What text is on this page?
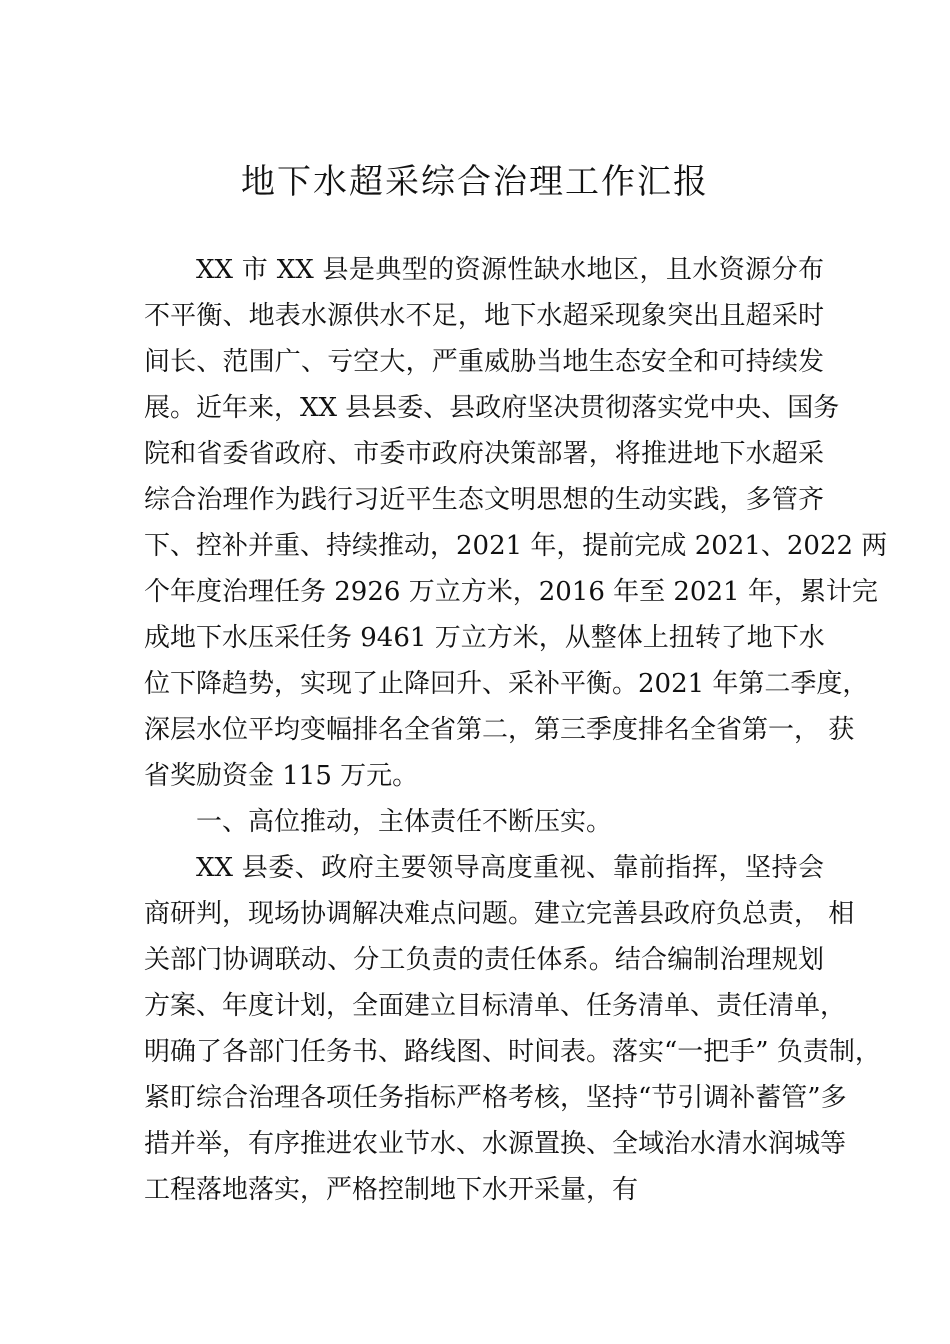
地下水超采综合治理工作汇报
XX 市 XX 县是典型的资源性缺水地区，且水资源分布
不平衡、地表水源供水不足，地下水超采现象突出且超采时
间长、范围广、亏空大，严重威胁当地生态安全和可持续发
展。近年来，XX 县县委、县政府坚决贯彻落实党中央、国务
院和省委省政府、市委市政府决策部署，将推进地下水超采
综合治理作为践行习近平生态文明思想的生动实践，多管齐
下、控补并重、持续推动，2021 年，提前完成 2021、2022 两
个年度治理任务 2926 万立方米，2016 年至 2021 年，累计完
成地下水压采任务 9461 万立方米，从整体上扭转了地下水
位下降趋势，实现了止降回升、采补平衡。2021 年第二季度，
深层水位平均变幅排名全省第二，第三季度排名全省第一， 获
省奖励资金 115 万元。
一、高位推动，主体责任不断压实。
XX 县委、政府主要领导高度重视、靠前指挥，坚持会
商研判，现场协调解决难点问题。建立完善县政府负总责， 相
关部门协调联动、分工负责的责任体系。结合编制治理规划
方案、年度计划，全面建立目标清单、任务清单、责任清单，
明确了各部门任务书、路线图、时间表。落实“一把手” 负责制，
紧盯综合治理各项任务指标严格考核，坚持“节引调补蓄管”多
措并举，有序推进农业节水、水源置换、全域治水清水润城等
工程落地落实，严格控制地下水开采量，有
